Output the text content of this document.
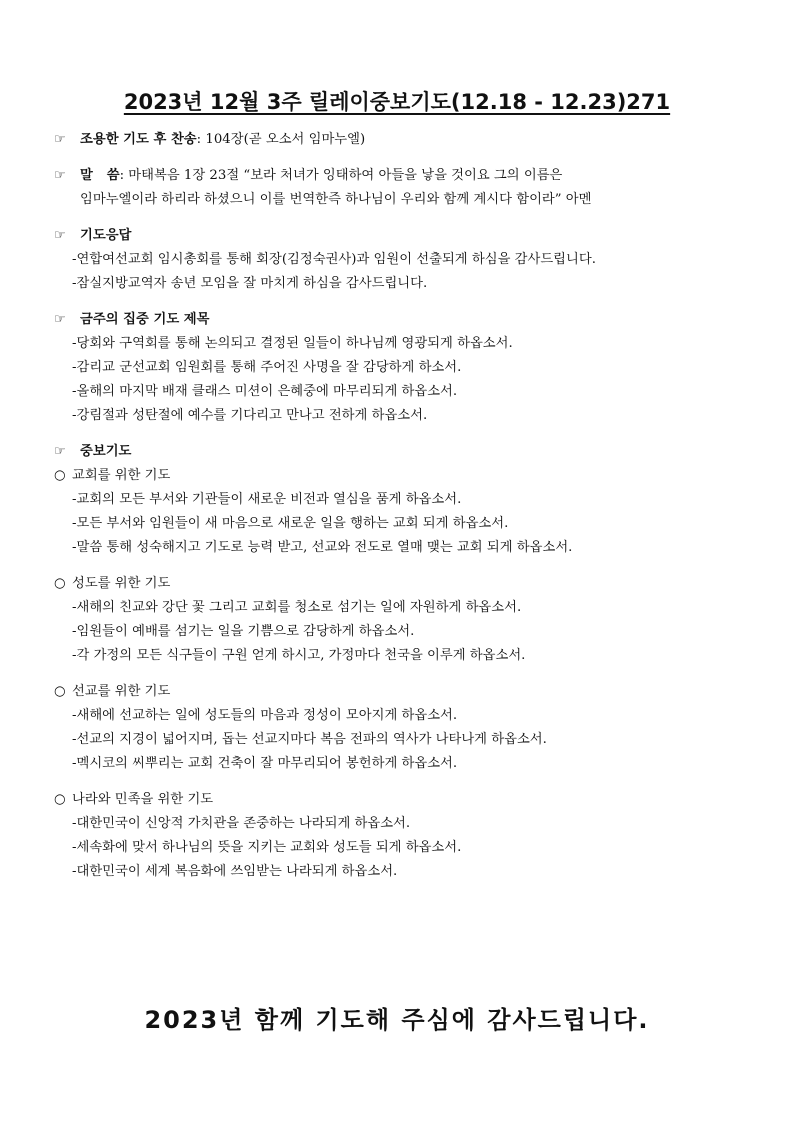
2023년 12월 3주 릴레이중보기도(12.18 - 12.23)271
☞ 조용한 기도 후 찬송: 104장(곧 오소서 임마누엘)
☞ 말   씀: 마태복음 1장 23절 “보라 처녀가 잉태하여 아들을 낳을 것이요 그의 이름은
임마누엘이라 하리라 하셨으니 이를 번역한즉 하나님이 우리와 함께 계시다 함이라” 아멘
☞ 기도응답
-연합여선교회 임시총회를 통해 회장(김정숙권사)과 임원이 선출되게 하심을 감사드립니다.
-잠실지방교역자 송년 모임을 잘 마치게 하심을 감사드립니다.
☞ 금주의 집중 기도 제목
-당회와 구역회를 통해 논의되고 결정된 일들이 하나님께 영광되게 하옵소서.
-감리교 군선교회 임원회를 통해 주어진 사명을 잘 감당하게 하소서.
-올해의 마지막 배재 클래스 미션이 은혜중에 마무리되게 하옵소서.
-강림절과 성탄절에 예수를 기다리고 만나고 전하게 하옵소서.
☞ 중보기도
○ 교회를 위한 기도
-교회의 모든 부서와 기관들이 새로운 비전과 열심을 품게 하옵소서.
-모든 부서와 임원들이 새 마음으로 새로운 일을 행하는 교회 되게 하옵소서.
-말씀 통해 성숙해지고 기도로 능력 받고, 선교와 전도로 열매 맺는 교회 되게 하옵소서.
○ 성도를 위한 기도
-새해의 친교와 강단 꽃 그리고 교회를 청소로 섬기는 일에 자원하게 하옵소서.
-임원들이 예배를 섬기는 일을 기쁨으로 감당하게 하옵소서.
-각 가정의 모든 식구들이 구원 얻게 하시고, 가정마다 천국을 이루게 하옵소서.
○ 선교를 위한 기도
-새해에 선교하는 일에 성도들의 마음과 정성이 모아지게 하옵소서.
-선교의 지경이 넓어지며, 돕는 선교지마다 복음 전파의 역사가 나타나게 하옵소서.
-멕시코의 씨뿌리는 교회 건축이 잘 마무리되어 봉헌하게 하옵소서.
○ 나라와 민족을 위한 기도
-대한민국이 신앙적 가치관을 존중하는 나라되게 하옵소서.
-세속화에 맞서 하나님의 뜻을 지키는 교회와 성도들 되게 하옵소서.
-대한민국이 세계 복음화에 쓰임받는 나라되게 하옵소서.
2023년 함께 기도해 주심에 감사드립니다.
